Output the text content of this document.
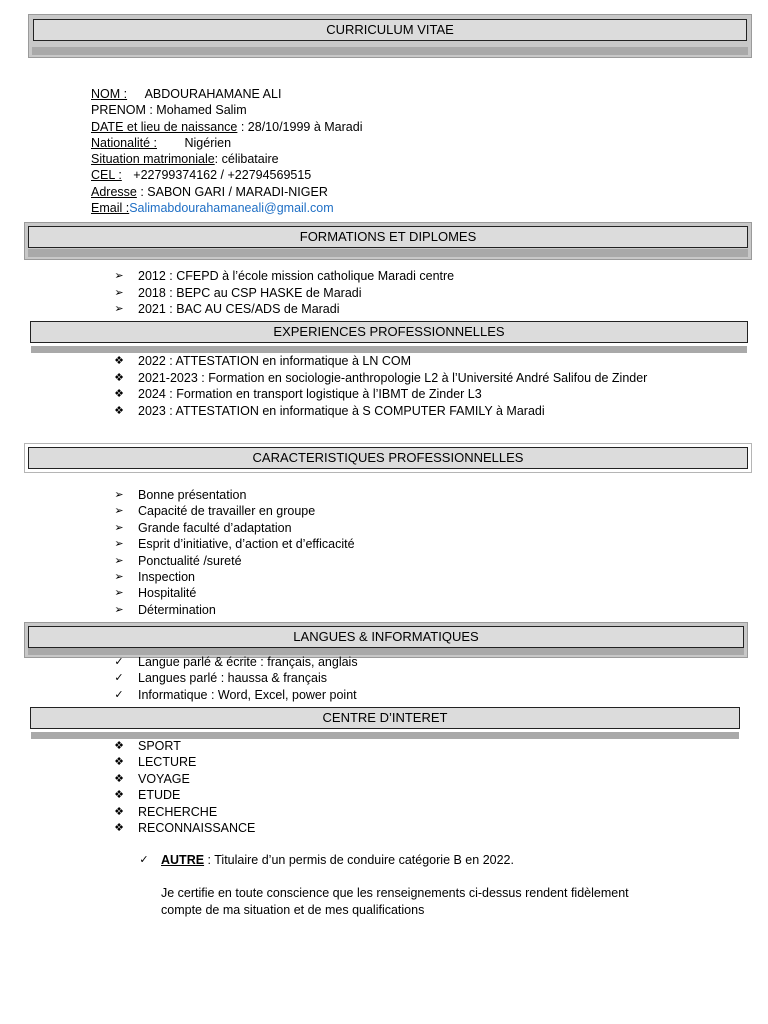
CURRICULUM VITAE
NOM : ABDOURAHAMANE ALI
PRENOM : Mohamed Salim
DATE et lieu de naissance : 28/10/1999 à Maradi
Nationalité : Nigérien
Situation matrimoniale: célibataire
CEL : +22799374162 / +22794569515
Adresse : SABON GARI / MARADI-NIGER
Email :Salimabdourahamaneali@gmail.com
FORMATIONS ET DIPLOMES
➢ 2012 : CFEPD à l’école mission catholique Maradi centre
➢ 2018 : BEPC au CSP HASKE de Maradi
➢ 2021 : BAC AU CES/ADS de Maradi
EXPERIENCES PROFESSIONNELLES
❖ 2022 : ATTESTATION en informatique à LN COM
❖ 2021-2023 : Formation en sociologie-anthropologie L2 à l’Université André Salifou de Zinder
❖ 2024 : Formation en transport logistique à l’IBMT de Zinder L3
❖ 2023 : ATTESTATION en informatique à S COMPUTER FAMILY à Maradi
CARACTERISTIQUES PROFESSIONNELLES
➢ Bonne présentation
➢ Capacité de travailler en groupe
➢ Grande faculté d’adaptation
➢ Esprit d’initiative, d’action et d’efficacité
➢ Ponctualité /sureté
➢ Inspection
➢ Hospitalité
➢ Détermination
LANGUES & INFORMATIQUES
✓ Langue parlé & écrite : français, anglais
✓ Langues parlé : haussa & français
✓ Informatique : Word, Excel, power point
CENTRE D’INTERET
❖ SPORT
❖ LECTURE
❖ VOYAGE
❖ ETUDE
❖ RECHERCHE
❖ RECONNAISSANCE
✓ AUTRE : Titulaire d’un permis de conduire catégorie B en 2022.
Je certifie en toute conscience que les renseignements ci-dessus rendent fidèlement
compte de ma situation et de mes qualifications
